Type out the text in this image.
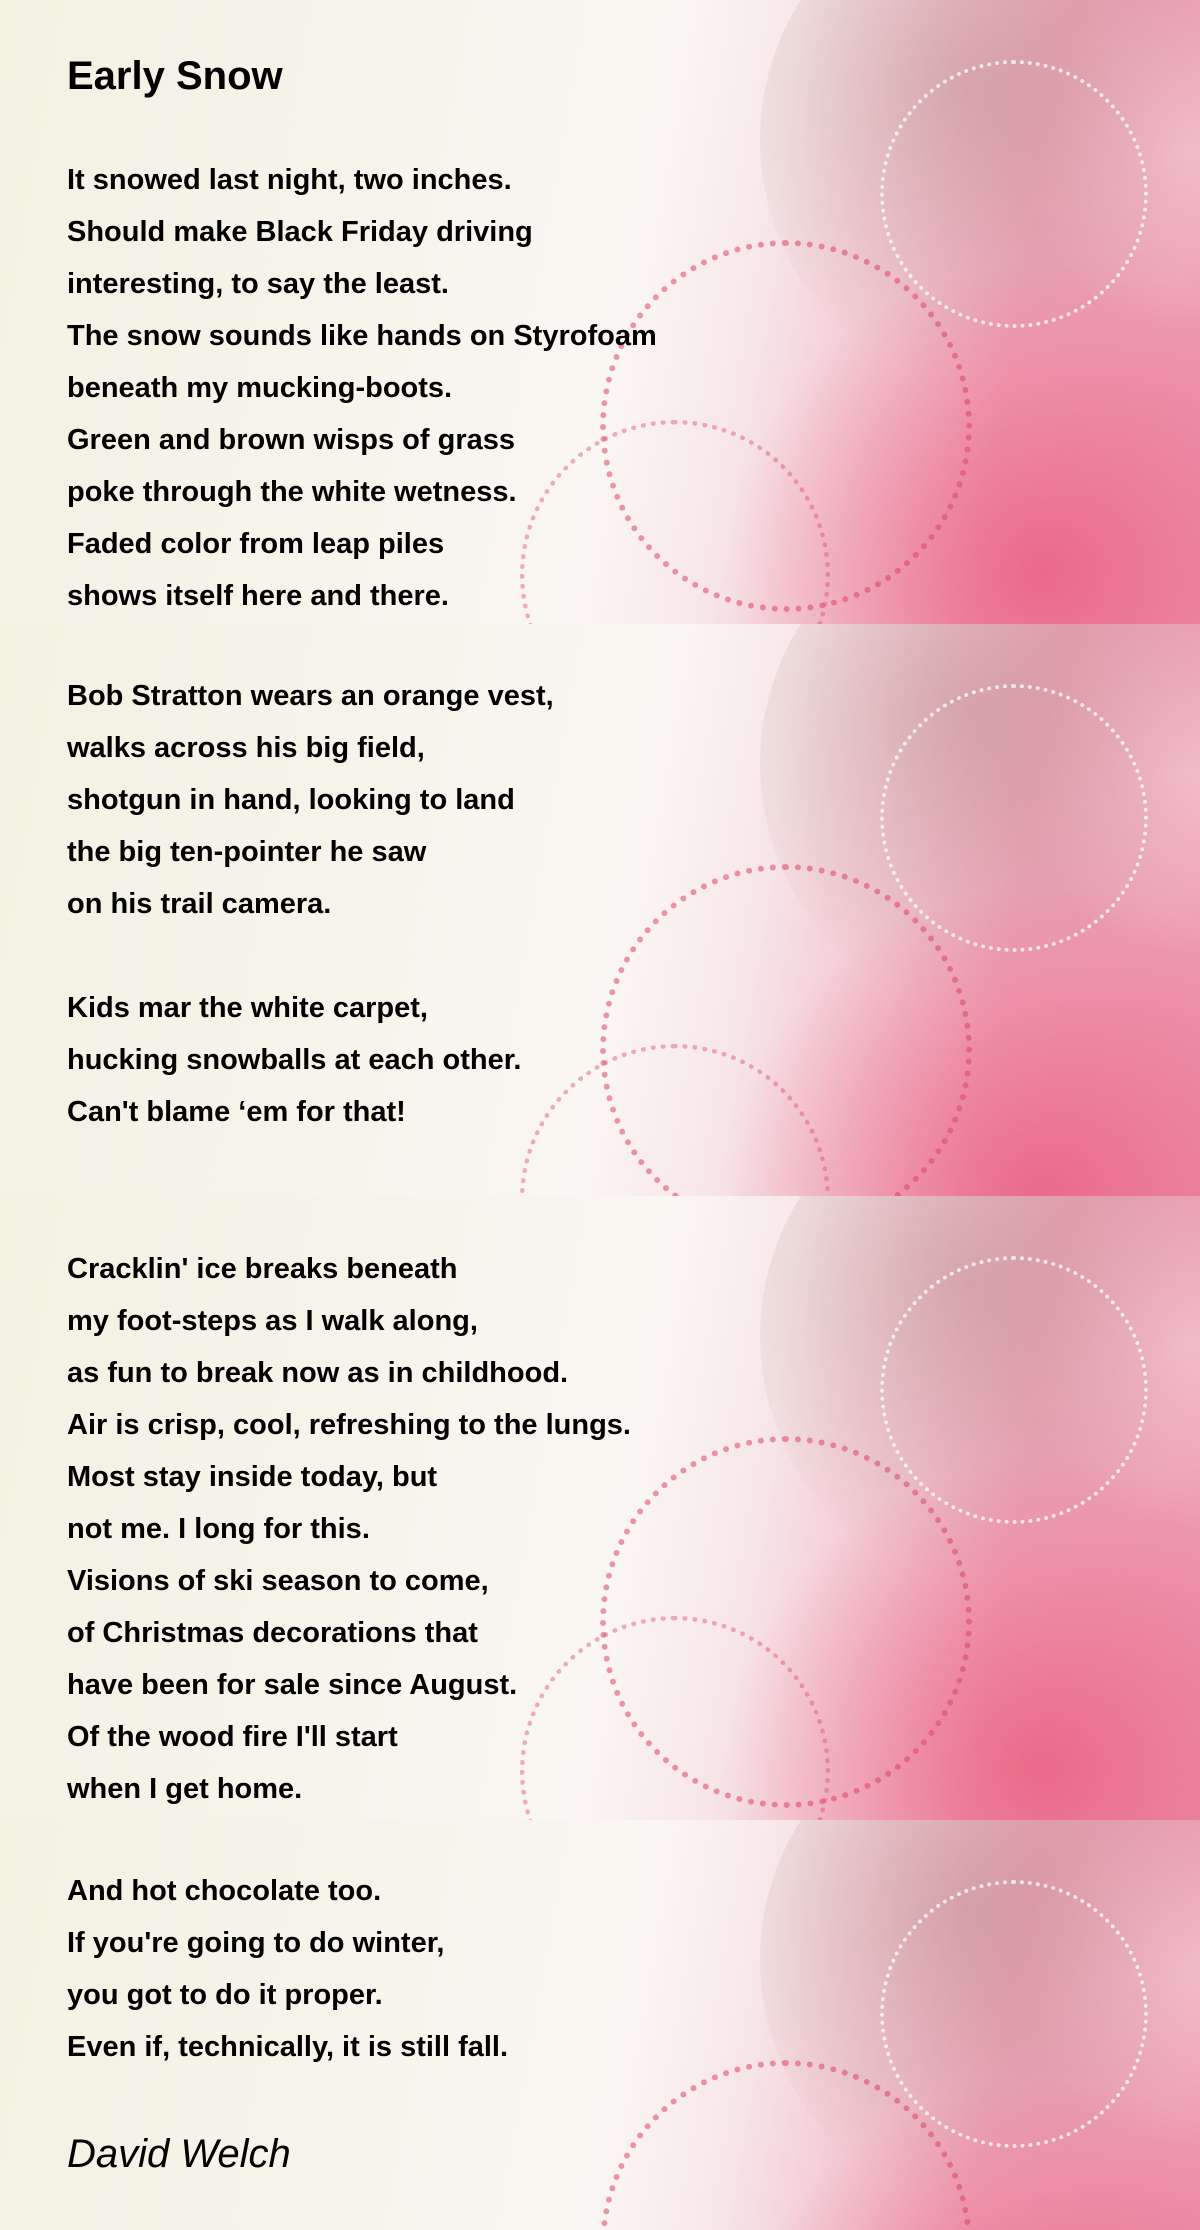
Early Snow
It snowed last night, two inches.
Should make Black Friday driving
interesting, to say the least.
The snow sounds like hands on Styrofoam
beneath my mucking-boots.
Green and brown wisps of grass
poke through the white wetness.
Faded color from leap piles
shows itself here and there.
Bob Stratton wears an orange vest,
walks across his big field,
shotgun in hand, looking to land
the big ten-pointer he saw
on his trail camera.
Kids mar the white carpet,
hucking snowballs at each other.
Can't blame ‘em for that!
Cracklin' ice breaks beneath
my foot-steps as I walk along,
as fun to break now as in childhood.
Air is crisp, cool, refreshing to the lungs.
Most stay inside today, but
not me. I long for this.
Visions of ski season to come,
of Christmas decorations that
have been for sale since August.
Of the wood fire I'll start
when I get home.
And hot chocolate too.
If you're going to do winter,
you got to do it proper.
Even if, technically, it is still fall.

David Welch
